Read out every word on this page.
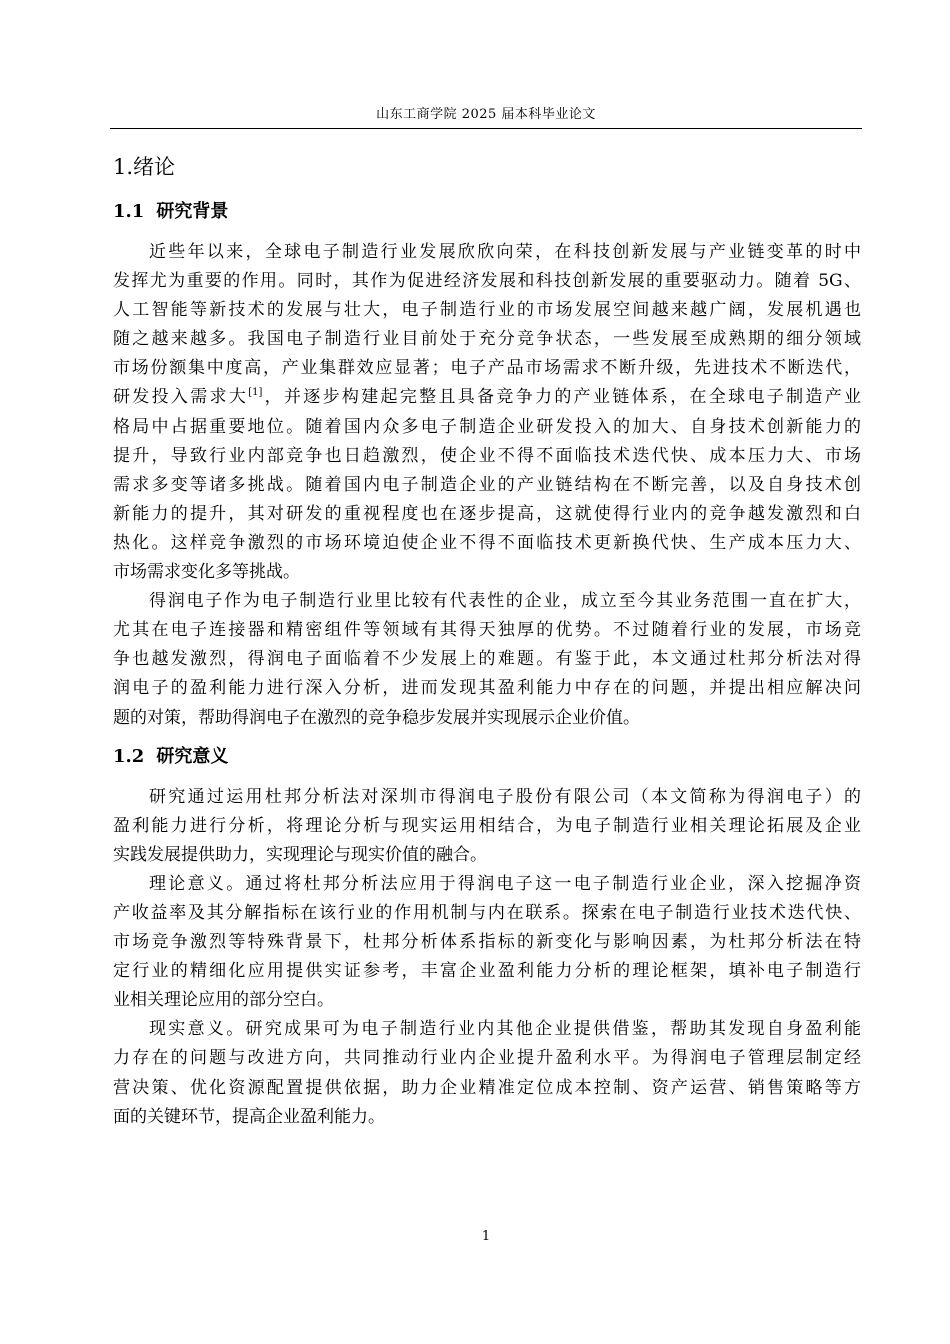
山东工商学院 2025 届本科毕业论文
1.绪论
1.1 研究背景
近些年以来，全球电子制造行业发展欣欣向荣，在科技创新发展与产业链变革的时中
发挥尤为重要的作用。同时，其作为促进经济发展和科技创新发展的重要驱动力。随着 5G、
人工智能等新技术的发展与壮大，电子制造行业的市场发展空间越来越广阔，发展机遇也
随之越来越多。我国电子制造行业目前处于充分竞争状态，一些发展至成熟期的细分领域
市场份额集中度高，产业集群效应显著；电子产品市场需求不断升级，先进技术不断迭代，
研发投入需求大[1]，并逐步构建起完整且具备竞争力的产业链体系，在全球电子制造产业
格局中占据重要地位。随着国内众多电子制造企业研发投入的加大、自身技术创新能力的
提升，导致行业内部竞争也日趋激烈，使企业不得不面临技术迭代快、成本压力大、市场
需求多变等诸多挑战。随着国内电子制造企业的产业链结构在不断完善，以及自身技术创
新能力的提升，其对研发的重视程度也在逐步提高，这就使得行业内的竞争越发激烈和白
热化。这样竞争激烈的市场环境迫使企业不得不面临技术更新换代快、生产成本压力大、
市场需求变化多等挑战。
得润电子作为电子制造行业里比较有代表性的企业，成立至今其业务范围一直在扩大，
尤其在电子连接器和精密组件等领域有其得天独厚的优势。不过随着行业的发展，市场竞
争也越发激烈，得润电子面临着不少发展上的难题。有鉴于此，本文通过杜邦分析法对得
润电子的盈利能力进行深入分析，进而发现其盈利能力中存在的问题，并提出相应解决问
题的对策，帮助得润电子在激烈的竞争稳步发展并实现展示企业价值。
1.2 研究意义
研究通过运用杜邦分析法对深圳市得润电子股份有限公司（本文简称为得润电子）的
盈利能力进行分析，将理论分析与现实运用相结合，为电子制造行业相关理论拓展及企业
实践发展提供助力，实现理论与现实价值的融合。
理论意义。通过将杜邦分析法应用于得润电子这一电子制造行业企业，深入挖掘净资
产收益率及其分解指标在该行业的作用机制与内在联系。探索在电子制造行业技术迭代快、
市场竞争激烈等特殊背景下，杜邦分析体系指标的新变化与影响因素，为杜邦分析法在特
定行业的精细化应用提供实证参考，丰富企业盈利能力分析的理论框架，填补电子制造行
业相关理论应用的部分空白。
现实意义。研究成果可为电子制造行业内其他企业提供借鉴，帮助其发现自身盈利能
力存在的问题与改进方向，共同推动行业内企业提升盈利水平。为得润电子管理层制定经
营决策、优化资源配置提供依据，助力企业精准定位成本控制、资产运营、销售策略等方
面的关键环节，提高企业盈利能力。
1
